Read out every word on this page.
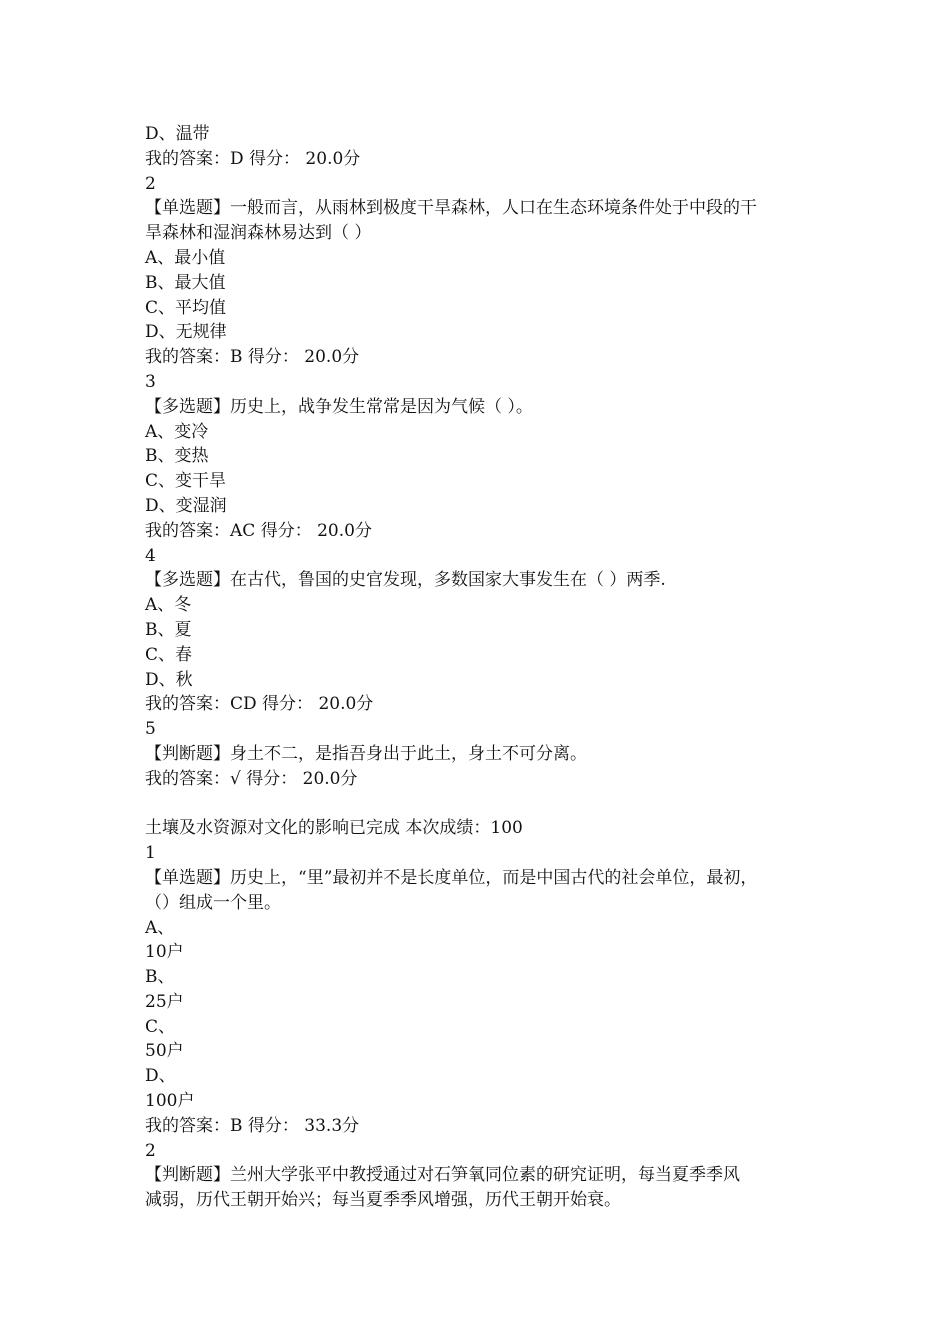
D、温带
我的答案：D 得分： 20.0分
2
【单选题】一般而言，从雨林到极度干旱森林，人口在生态环境条件处于中段的干
旱森林和湿润森林易达到（ ）
A、最小值
B、最大值
C、平均值
D、无规律
我的答案：B 得分： 20.0分
3
【多选题】历史上，战争发生常常是因为气候（ ）。
A、变冷
B、变热
C、变干旱
D、变湿润
我的答案：AC 得分： 20.0分
4
【多选题】在古代，鲁国的史官发现，多数国家大事发生在（ ）两季.
A、冬
B、夏
C、春
D、秋
我的答案：CD 得分： 20.0分
5
【判断题】身土不二，是指吾身出于此土，身土不可分离。
我的答案：√ 得分： 20.0分
土壤及水资源对文化的影响已完成 本次成绩：100
1
【单选题】历史上，“里”最初并不是长度单位，而是中国古代的社会单位，最初，
（）组成一个里。
A、
10户
B、
25户
C、
50户
D、
100户
我的答案：B 得分： 33.3分
2
【判断题】兰州大学张平中教授通过对石笋氧同位素的研究证明，每当夏季季风
减弱，历代王朝开始兴；每当夏季季风增强，历代王朝开始衰。
